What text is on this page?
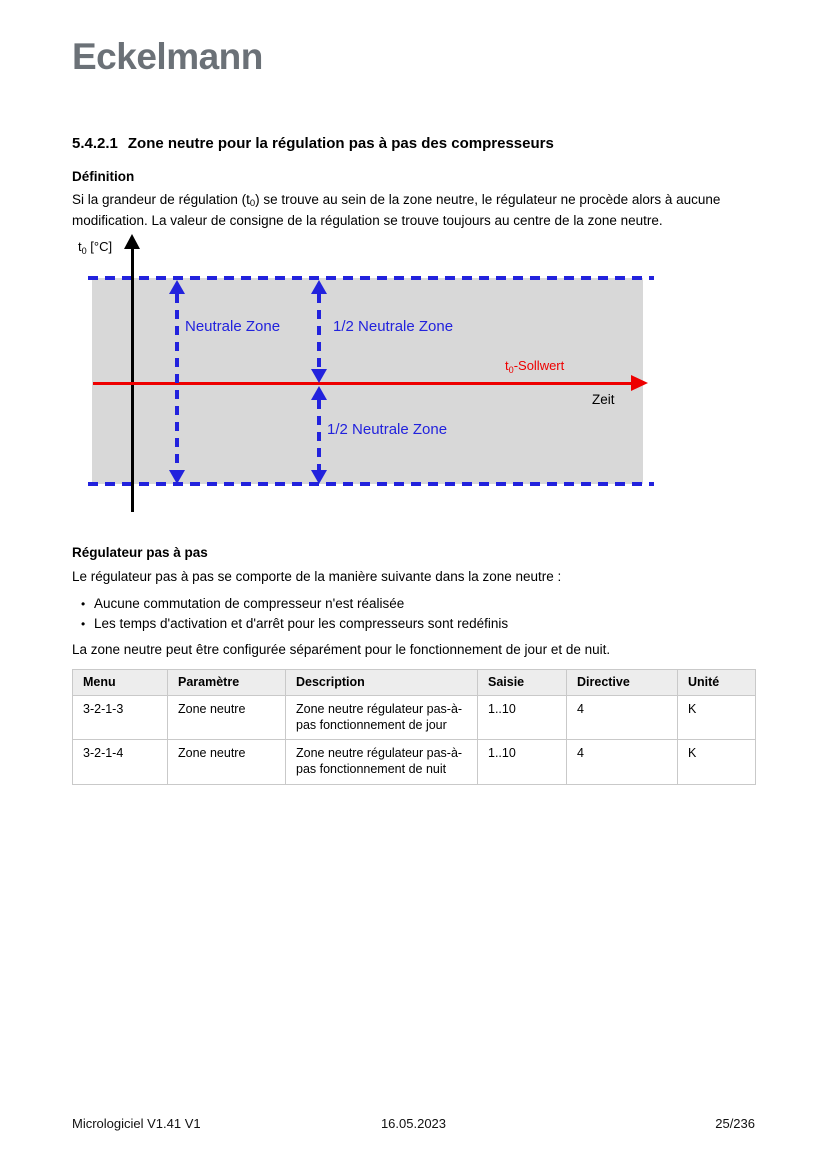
Eckelmann
5.4.2.1 Zone neutre pour la régulation pas à pas des compresseurs
Définition

Si la grandeur de régulation $(t_0)$ se trouve au sein de la zone neutre, le régulateur ne procède alors à aucune modification. La valeur de consigne de la régulation se trouve toujours au centre de la zone neutre.

$t_0$ [°C]
$t_0$-Sollwert
Zeit
Neutrale Zone	1/2 Neutrale Zone
1/2 Neutrale Zone
Régulateur pas à pas

Le régulateur pas à pas se comporte de la manière suivante dans la zone neutre :

• Aucune commutation de compresseur n'est réalisée
• Les temps d'activation et d'arrêt pour les compresseurs sont redéfinis

La zone neutre peut être configurée séparément pour le fonctionnement de jour et de nuit.

Menu	Paramètre	Description	Saisie	Directive	Unité
3-2-1-3	Zone neutre	Zone neutre régulateur pas-à-pas fonctionnement de jour	1..10	4	K
3-2-1-4	Zone neutre	Zone neutre régulateur pas-à-pas fonctionnement de nuit	1..10	4	K
Micrologiciel V1.41 V1	16.05.2023	25/236
